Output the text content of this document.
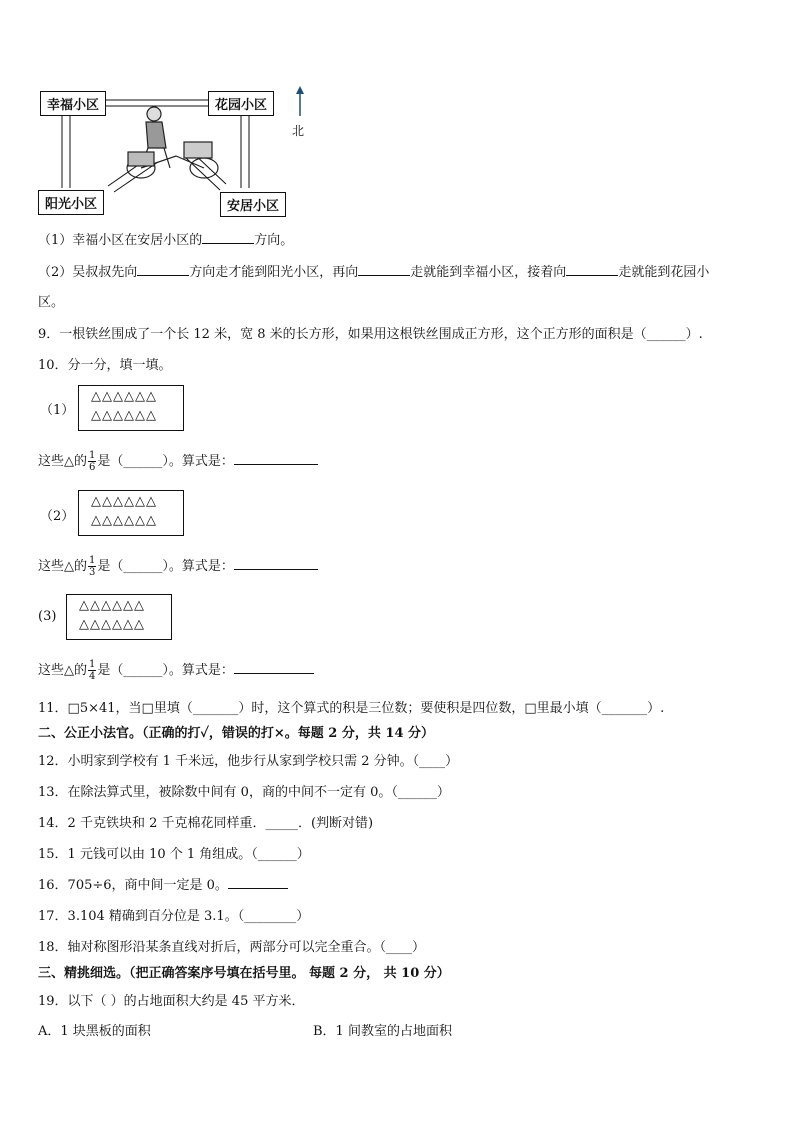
幸福小区	花园小区
阳光小区	安居小区
北
（1）幸福小区在安居小区的	方向。
（2）吴叔叔先向	方向走才能到阳光小区，再向	走就能到幸福小区，接着向	走就能到花园小
区。
9．一根铁丝围成了一个长 12 米，宽 8 米的长方形，如果用这根铁丝围成正方形，这个正方形的面积是（______）.
10．分一分，填一填。
（1）
△△△△△△
△△△△△△
这些△的 $\frac{1}{6}$ 是（______）。算式是：
（2）
△△△△△△
△△△△△△
这些△的 $\frac{1}{3}$ 是（______）。算式是：
(3)
△△△△△△
△△△△△△
这些△的 $\frac{1}{4}$ 是（______）。算式是：
11．□5×41，当□里填（_______）时，这个算式的积是三位数；要使积是四位数，□里最小填（_______）.
二、公正小法官。（正确的打✓，错误的打×。每题 2 分，共 14 分）
12．小明家到学校有 1 千米远，他步行从家到学校只需 2 分钟。（____）
13．在除法算式里，被除数中间有 0，商的中间不一定有 0。（______）
14．2 千克铁块和 2 千克棉花同样重．_____．(判断对错)
15．1 元钱可以由 10 个 1 角组成。（______）
16．705÷6，商中间一定是 0。
17．3.104 精确到百分位是 3.1。（________）
18．轴对称图形沿某条直线对折后，两部分可以完全重合。（____）
三、精挑细选。（把正确答案序号填在括号里。 每题 2 分， 共 10 分）
19．以下（ ）的占地面积大约是 45 平方米．
A．1 块黑板的面积	B．1 间教室的占地面积
